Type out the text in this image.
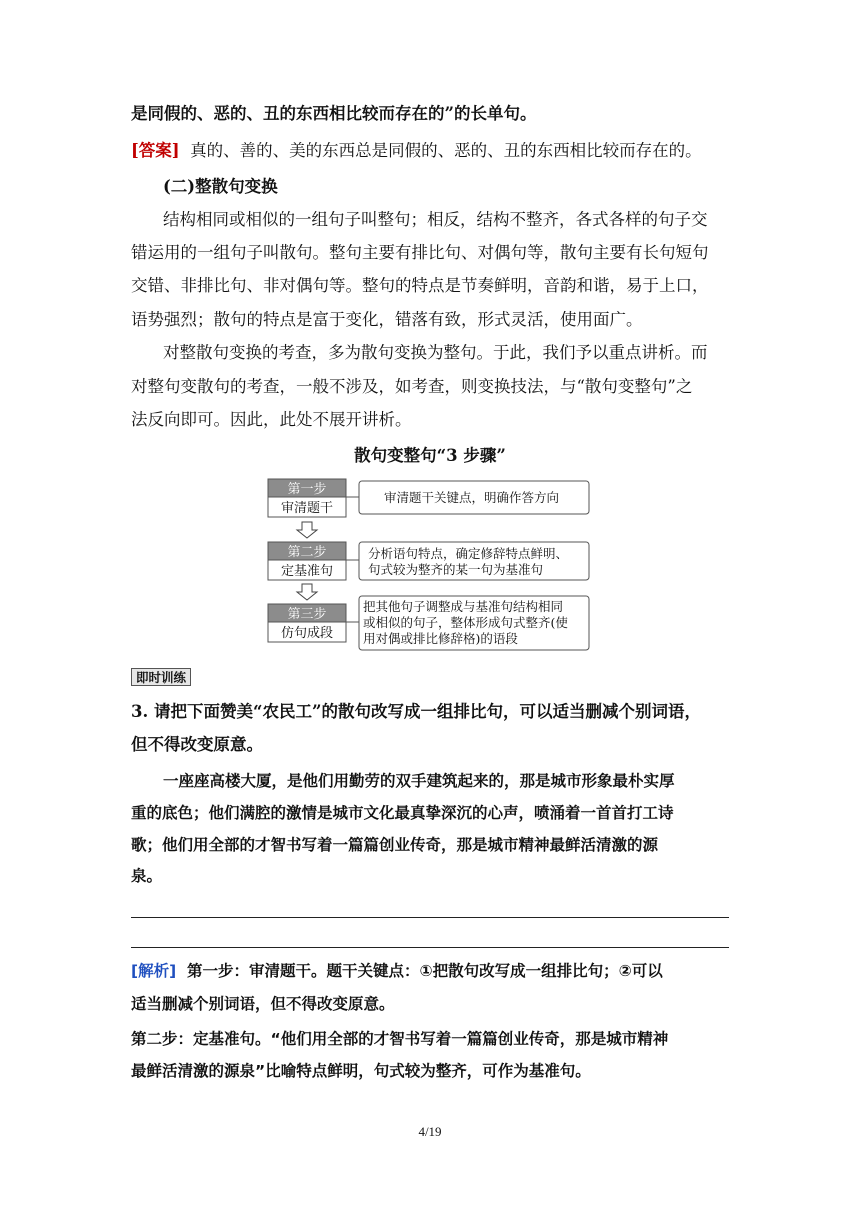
是同假的、恶的、丑的东西相比较而存在的”的长单句。
[答案] 真的、善的、美的东西总是同假的、恶的、丑的东西相比较而存在的。
(二)整散句变换
结构相同或相似的一组句子叫整句；相反，结构不整齐，各式各样的句子交
错运用的一组句子叫散句。整句主要有排比句、对偶句等，散句主要有长句短句
交错、非排比句、非对偶句等。整句的特点是节奏鲜明，音韵和谐，易于上口，
语势强烈；散句的特点是富于变化，错落有致，形式灵活，使用面广。
对整散句变换的考查，多为散句变换为整句。于此，我们予以重点讲析。而
对整句变散句的考查，一般不涉及，如考查，则变换技法，与“散句变整句”之
法反向即可。因此，此处不展开讲析。
散句变整句“3 步骤”
第一步
审清题干
审清题干关键点，明确作答方向
第二步
定基准句
分析语句特点，确定修辞特点鲜明、
句式较为整齐的某一句为基准句
第三步
仿句成段
把其他句子调整成与基准句结构相同
或相似的句子，整体形成句式整齐(使
用对偶或排比修辞格)的语段
即时训练
3. 请把下面赞美“农民工”的散句改写成一组排比句，可以适当删减个别词语，
但不得改变原意。
一座座高楼大厦，是他们用勤劳的双手建筑起来的，那是城市形象最朴实厚
重的底色；他们满腔的激情是城市文化最真挚深沉的心声，喷涌着一首首打工诗
歌；他们用全部的才智书写着一篇篇创业传奇，那是城市精神最鲜活清激的源
泉。
[解析] 第一步：审清题干。题干关键点：①把散句改写成一组排比句；②可以
适当删减个别词语，但不得改变原意。
第二步：定基准句。“他们用全部的才智书写着一篇篇创业传奇，那是城市精神
最鲜活清激的源泉”比喻特点鲜明，句式较为整齐，可作为基准句。
4/19
